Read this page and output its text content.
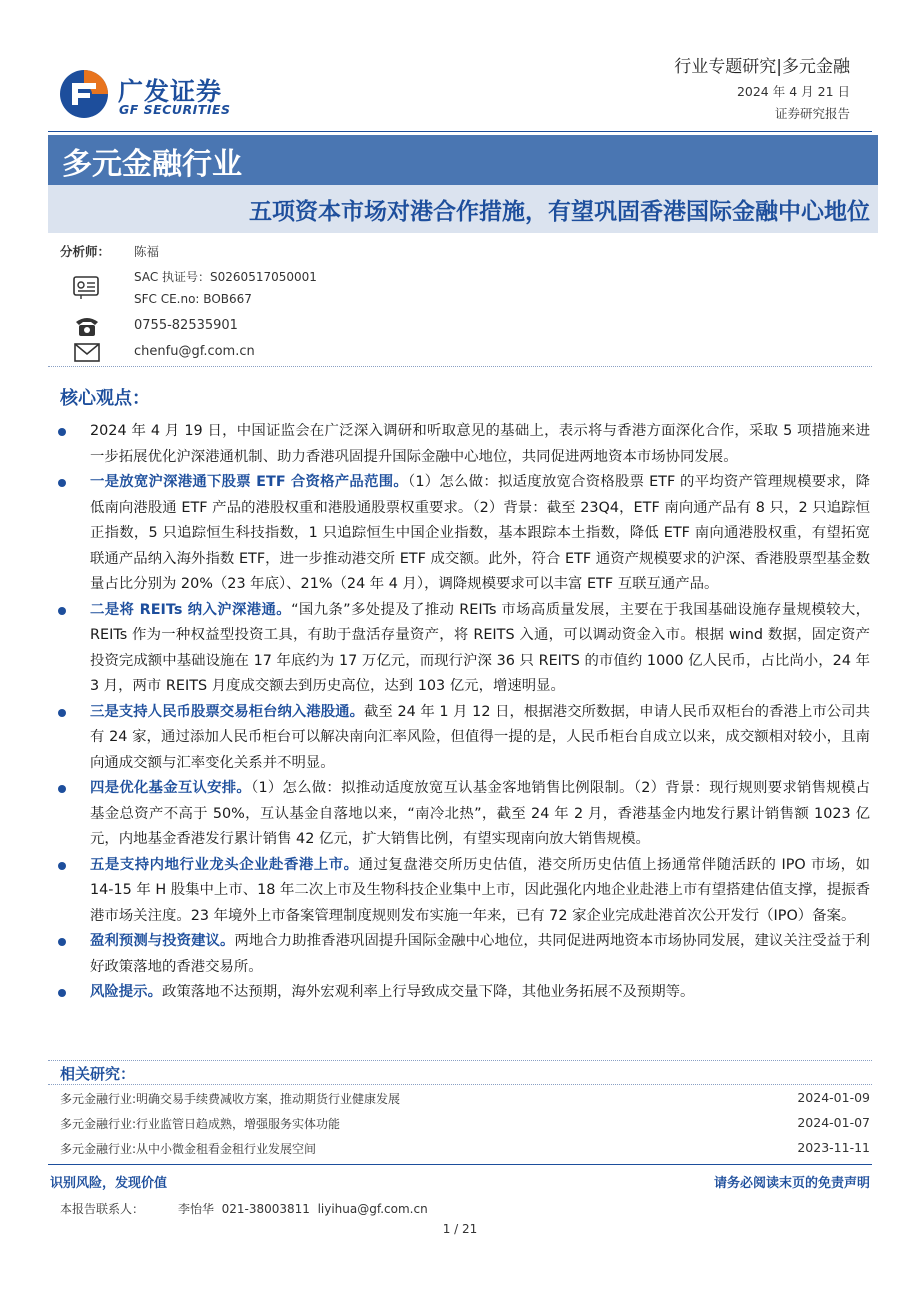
广发证券
GF SECURITIES
行业专题研究|多元金融
2024 年 4 月 21 日
证券研究报告
多元金融行业
五项资本市场对港合作措施，有望巩固香港国际金融中心地位
分析师： 陈福
SAC 执证号：S0260517050001
SFC CE.no: BOB667
0755-82535901
chenfu@gf.com.cn
核心观点：
2024 年 4 月 19 日，中国证监会在广泛深入调研和听取意见的基础上，表示将与香港方面深化合作，采取 5 项措施来进一步拓展优化沪深港通机制、助力香港巩固提升国际金融中心地位，共同促进两地资本市场协同发展。
一是放宽沪深港通下股票 ETF 合资格产品范围。（1）怎么做：拟适度放宽合资格股票 ETF 的平均资产管理规模要求，降低南向港股通 ETF 产品的港股权重和港股通股票权重要求。（2）背景：截至 23Q4，ETF 南向通产品有 8 只，2 只追踪恒正指数，5 只追踪恒生科技指数，1 只追踪恒生中国企业指数，基本跟踪本土指数，降低 ETF 南向通港股权重，有望拓宽联通产品纳入海外指数 ETF，进一步推动港交所 ETF 成交额。此外，符合 ETF 通资产规模要求的沪深、香港股票型基金数量占比分别为 20%（23 年底）、21%（24 年 4 月），调降规模要求可以丰富 ETF 互联互通产品。
二是将 REITs 纳入沪深港通。“国九条”多处提及了推动 REITs 市场高质量发展，主要在于我国基础设施存量规模较大，REITs 作为一种权益型投资工具，有助于盘活存量资产，将 REITS 入通，可以调动资金入市。根据 wind 数据，固定资产投资完成额中基础设施在 17 年底约为 17 万亿元，而现行沪深 36 只 REITS 的市值约 1000 亿人民币，占比尚小，24 年 3 月，两市 REITS 月度成交额去到历史高位，达到 103 亿元，增速明显。
三是支持人民币股票交易柜台纳入港股通。截至 24 年 1 月 12 日，根据港交所数据，申请人民币双柜台的香港上市公司共有 24 家，通过添加人民币柜台可以解决南向汇率风险，但值得一提的是，人民币柜台自成立以来，成交额相对较小，且南向通成交额与汇率变化关系并不明显。
四是优化基金互认安排。（1）怎么做：拟推动适度放宽互认基金客地销售比例限制。（2）背景：现行规则要求销售规模占基金总资产不高于 50%，互认基金自落地以来，“南冷北热”，截至 24 年 2 月，香港基金内地发行累计销售额 1023 亿元，内地基金香港发行累计销售 42 亿元，扩大销售比例，有望实现南向放大销售规模。
五是支持内地行业龙头企业赴香港上市。通过复盘港交所历史估值，港交所历史估值上扬通常伴随活跃的 IPO 市场，如 14-15 年 H 股集中上市、18 年二次上市及生物科技企业集中上市，因此强化内地企业赴港上市有望搭建估值支撑，提振香港市场关注度。23 年境外上市备案管理制度规则发布实施一年来，已有 72 家企业完成赴港首次公开发行（IPO）备案。
盈利预测与投资建议。两地合力助推香港巩固提升国际金融中心地位，共同促进两地资本市场协同发展，建议关注受益于利好政策落地的香港交易所。
风险提示。政策落地不达预期，海外宏观利率上行导致成交量下降，其他业务拓展不及预期等。
相关研究：
多元金融行业:明确交易手续费减收方案，推动期货行业健康发展	2024-01-09
多元金融行业:行业监管日趋成熟，增强服务实体功能	2024-01-07
多元金融行业:从中小微金租看金租行业发展空间	2023-11-11
识别风险，发现价值	请务必阅读末页的免责声明
本报告联系人：	李怡华  021-38003811  liyihua@gf.com.cn
1 / 21
